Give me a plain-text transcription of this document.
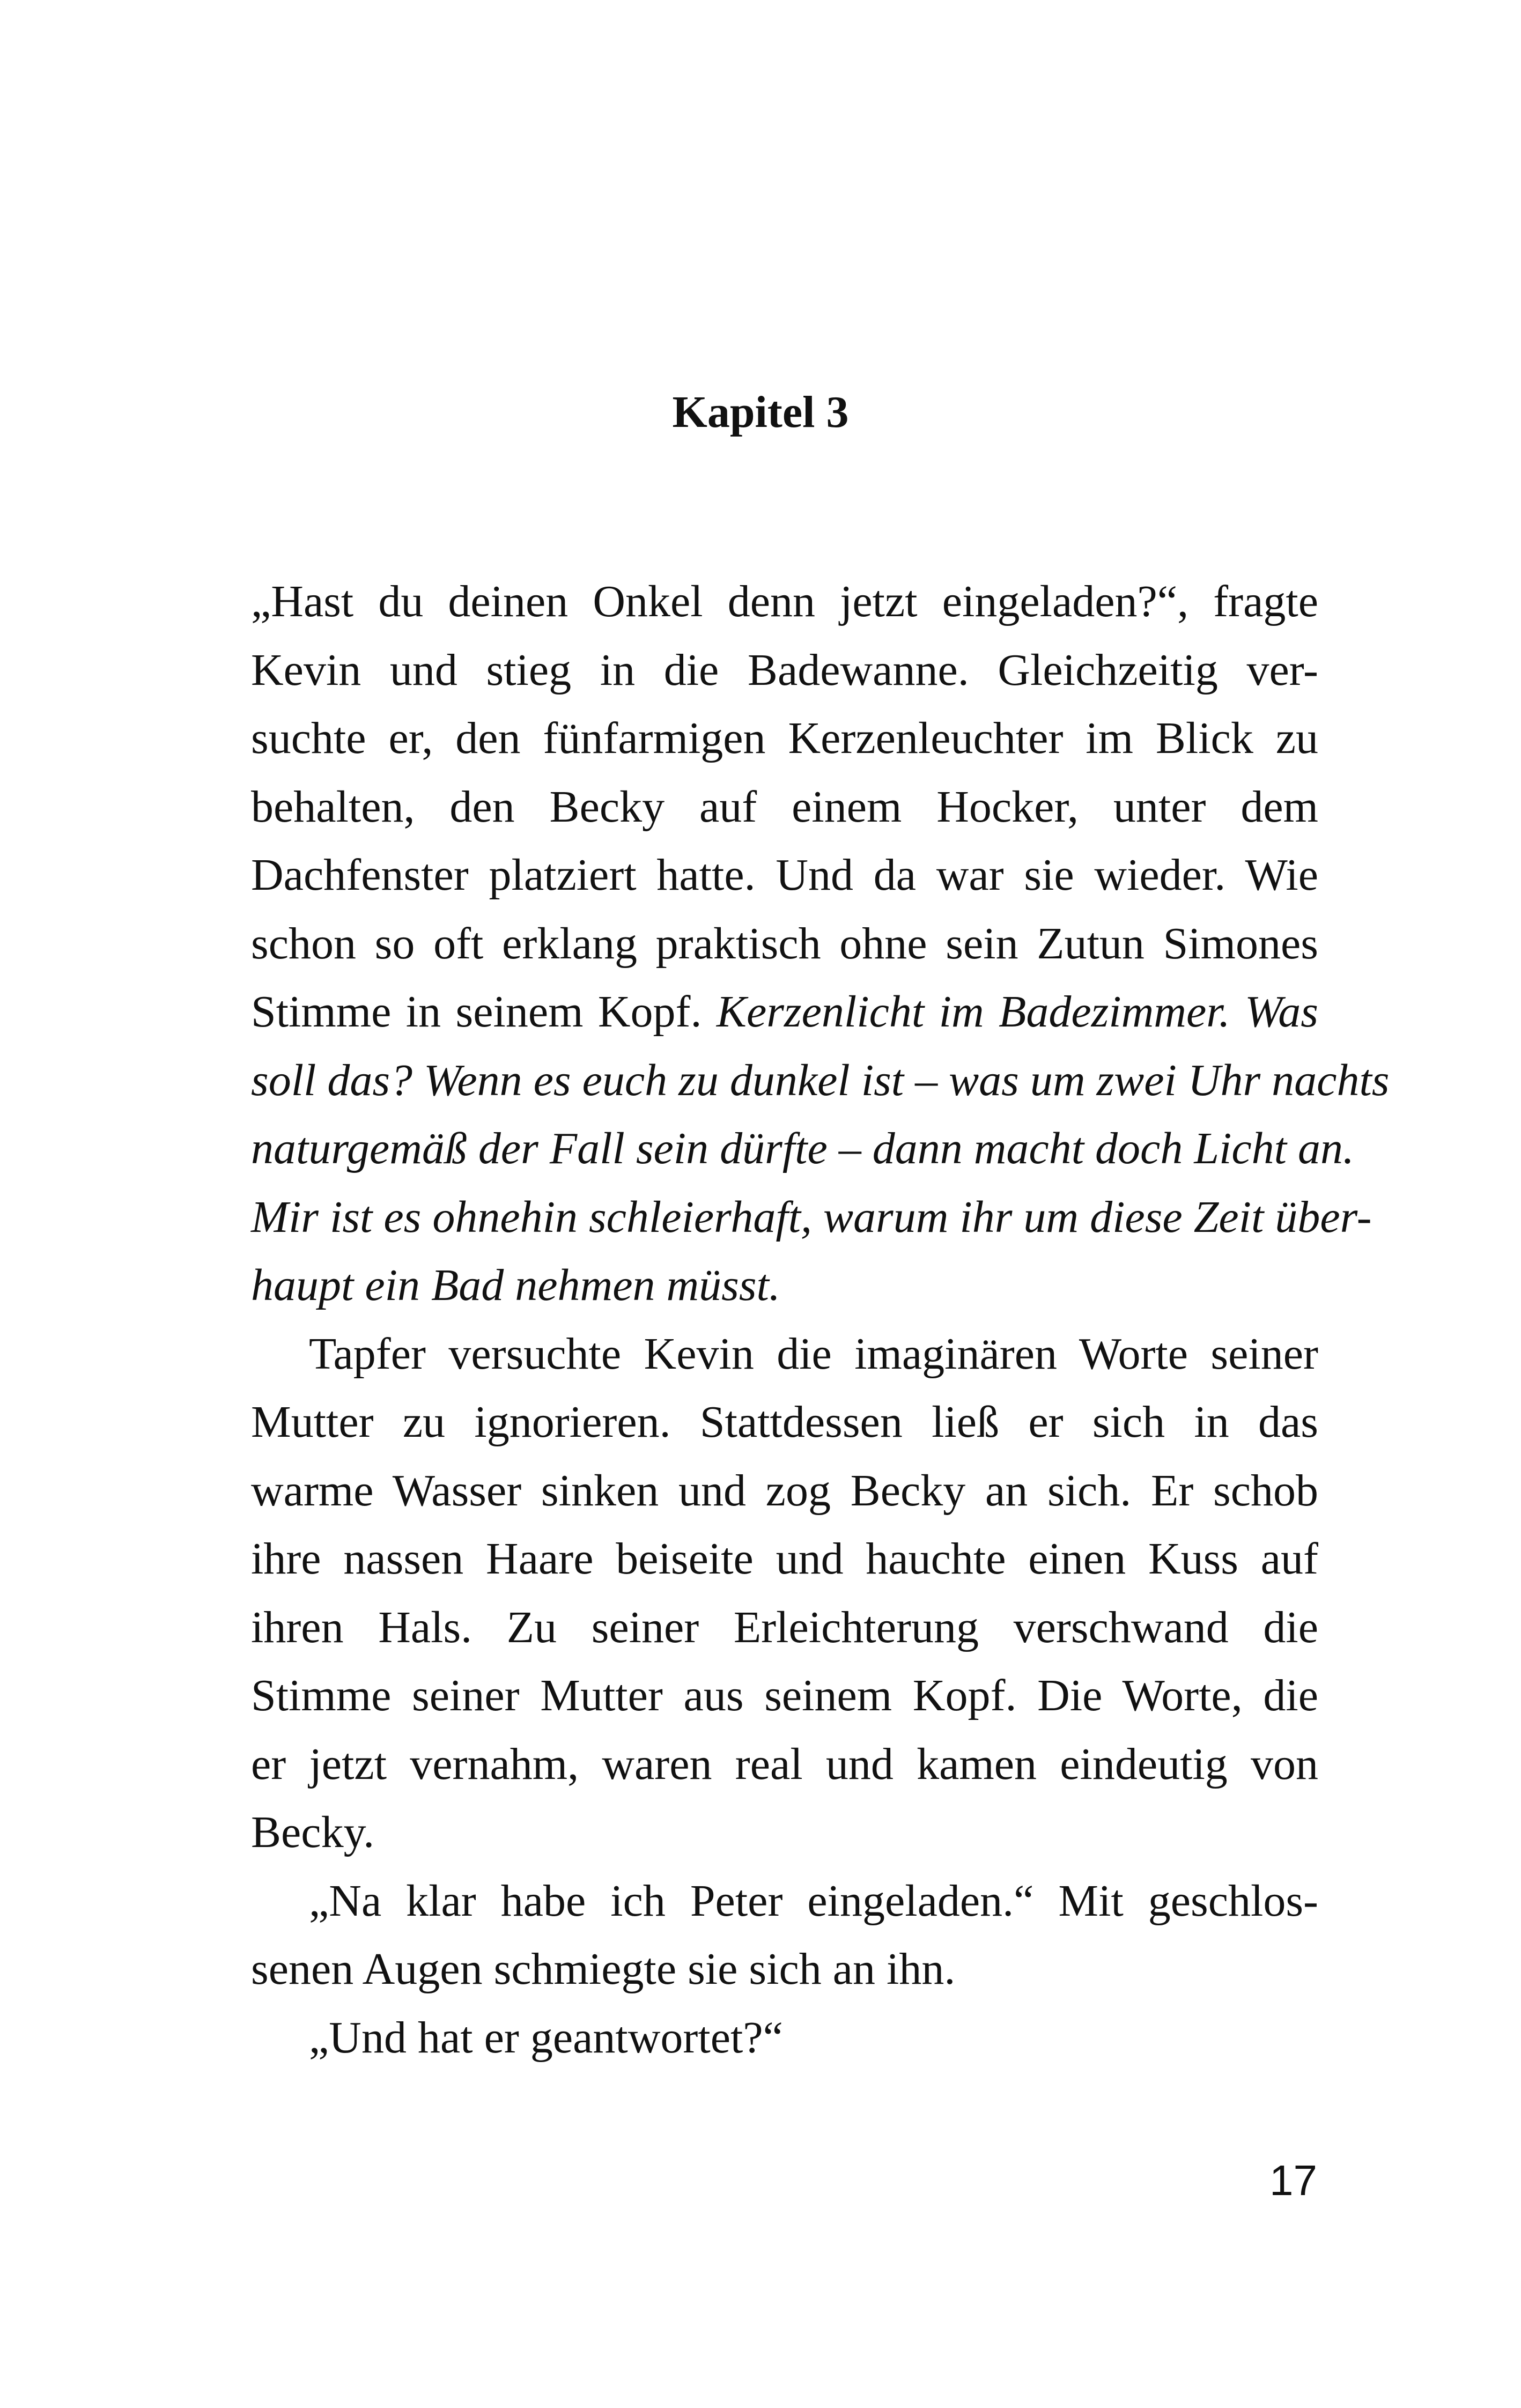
Kapitel 3

„Hast du deinen Onkel denn jetzt eingeladen?“, fragte
Kevin und stieg in die Badewanne. Gleichzeitig ver-
suchte er, den fünfarmigen Kerzenleuchter im Blick zu
behalten, den Becky auf einem Hocker, unter dem
Dachfenster platziert hatte. Und da war sie wieder. Wie
schon so oft erklang praktisch ohne sein Zutun Simones
Stimme in seinem Kopf. Kerzenlicht im Badezimmer. Was
soll das? Wenn es euch zu dunkel ist – was um zwei Uhr nachts
naturgemäß der Fall sein dürfte – dann macht doch Licht an.
Mir ist es ohnehin schleierhaft, warum ihr um diese Zeit über-
haupt ein Bad nehmen müsst.

Tapfer versuchte Kevin die imaginären Worte seiner
Mutter zu ignorieren. Stattdessen ließ er sich in das
warme Wasser sinken und zog Becky an sich. Er schob
ihre nassen Haare beiseite und hauchte einen Kuss auf
ihren Hals. Zu seiner Erleichterung verschwand die
Stimme seiner Mutter aus seinem Kopf. Die Worte, die
er jetzt vernahm, waren real und kamen eindeutig von
Becky.

„Na klar habe ich Peter eingeladen.“ Mit geschlos-
senen Augen schmiegte sie sich an ihn.

„Und hat er geantwortet?“

17
